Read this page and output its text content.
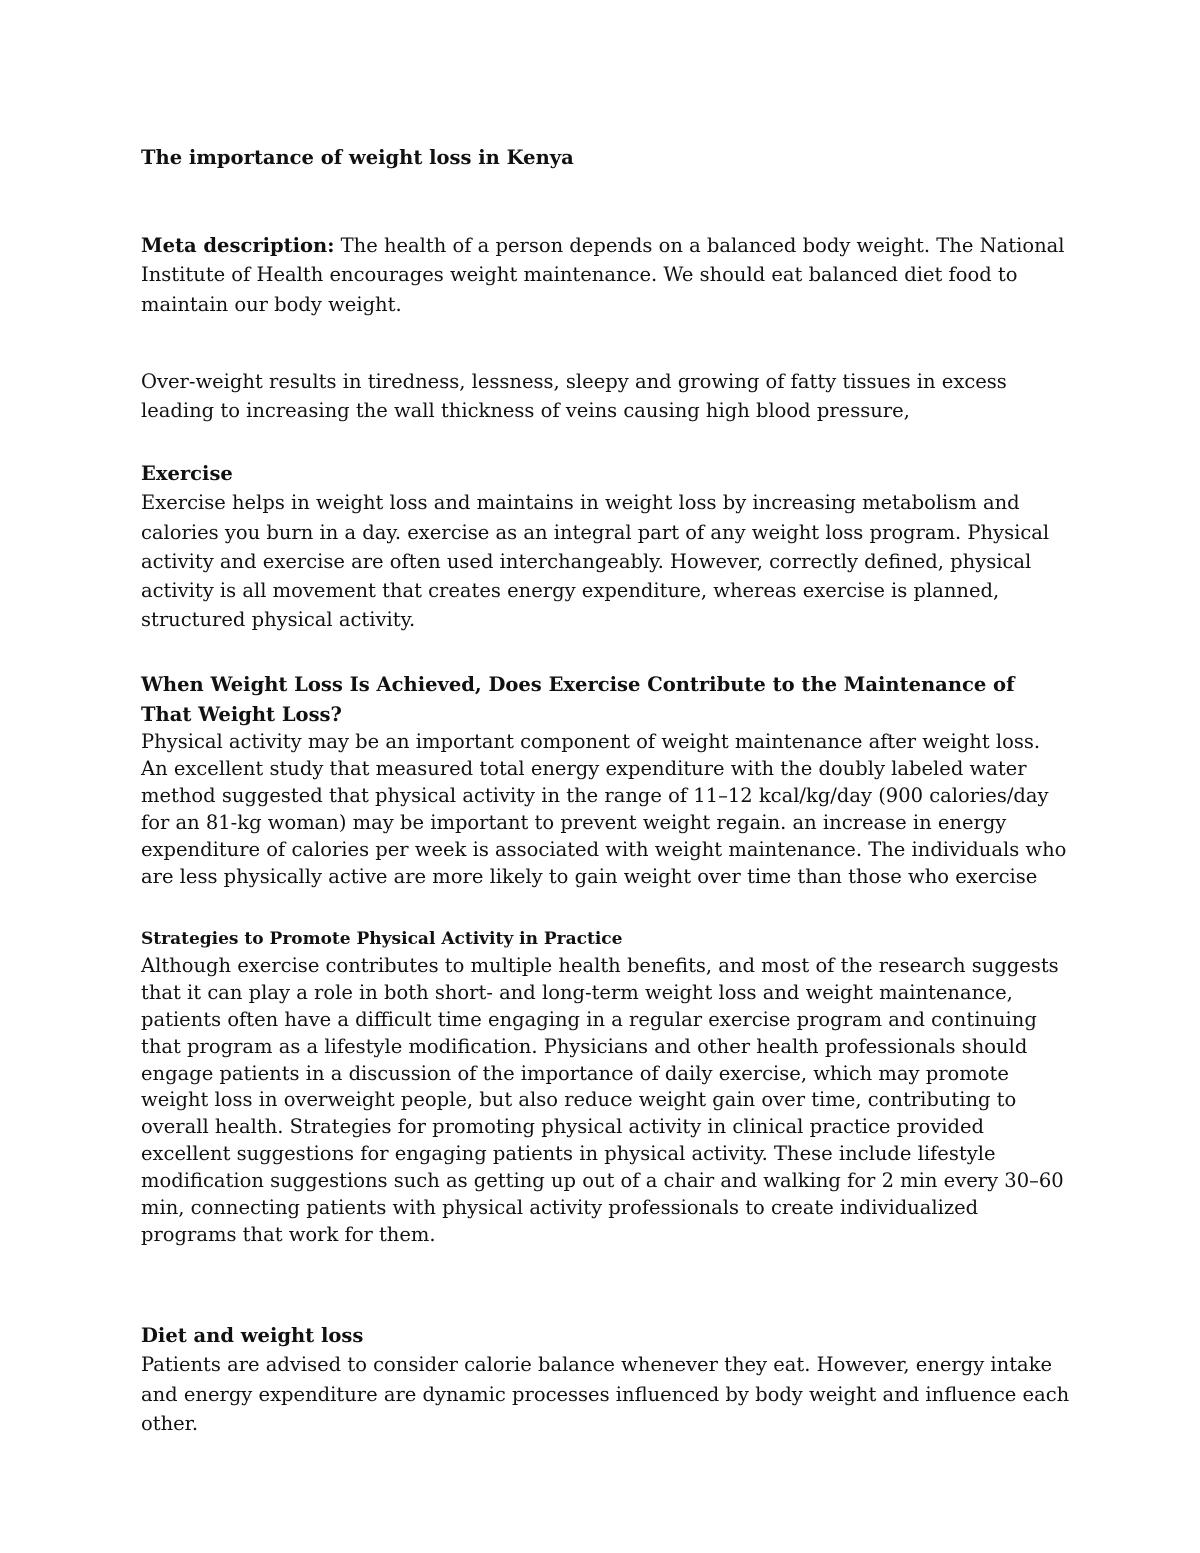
The importance of weight loss in Kenya

Meta description: The health of a person depends on a balanced body weight. The National Institute of Health encourages weight maintenance. We should eat balanced diet food to maintain our body weight.

Over-weight results in tiredness, lessness, sleepy and growing of fatty tissues in excess leading to increasing the wall thickness of veins causing high blood pressure,

Exercise
Exercise helps in weight loss and maintains in weight loss by increasing metabolism and calories you burn in a day. exercise as an integral part of any weight loss program. Physical activity and exercise are often used interchangeably. However, correctly defined, physical activity is all movement that creates energy expenditure, whereas exercise is planned, structured physical activity.
When Weight Loss Is Achieved, Does Exercise Contribute to the Maintenance of That Weight Loss?
Physical activity may be an important component of weight maintenance after weight loss. An excellent study that measured total energy expenditure with the doubly labeled water method suggested that physical activity in the range of 11–12 kcal/kg/day (900 calories/day for an 81-kg woman) may be important to prevent weight regain. an increase in energy expenditure of calories per week is associated with weight maintenance. The individuals who are less physically active are more likely to gain weight over time than those who exercise
Strategies to Promote Physical Activity in Practice
Although exercise contributes to multiple health benefits, and most of the research suggests that it can play a role in both short- and long-term weight loss and weight maintenance, patients often have a difficult time engaging in a regular exercise program and continuing that program as a lifestyle modification. Physicians and other health professionals should engage patients in a discussion of the importance of daily exercise, which may promote weight loss in overweight people, but also reduce weight gain over time, contributing to overall health. Strategies for promoting physical activity in clinical practice provided excellent suggestions for engaging patients in physical activity. These include lifestyle modification suggestions such as getting up out of a chair and walking for 2 min every 30–60 min, connecting patients with physical activity professionals to create individualized programs that work for them.
Diet and weight loss
Patients are advised to consider calorie balance whenever they eat. However, energy intake and energy expenditure are dynamic processes influenced by body weight and influence each other.
